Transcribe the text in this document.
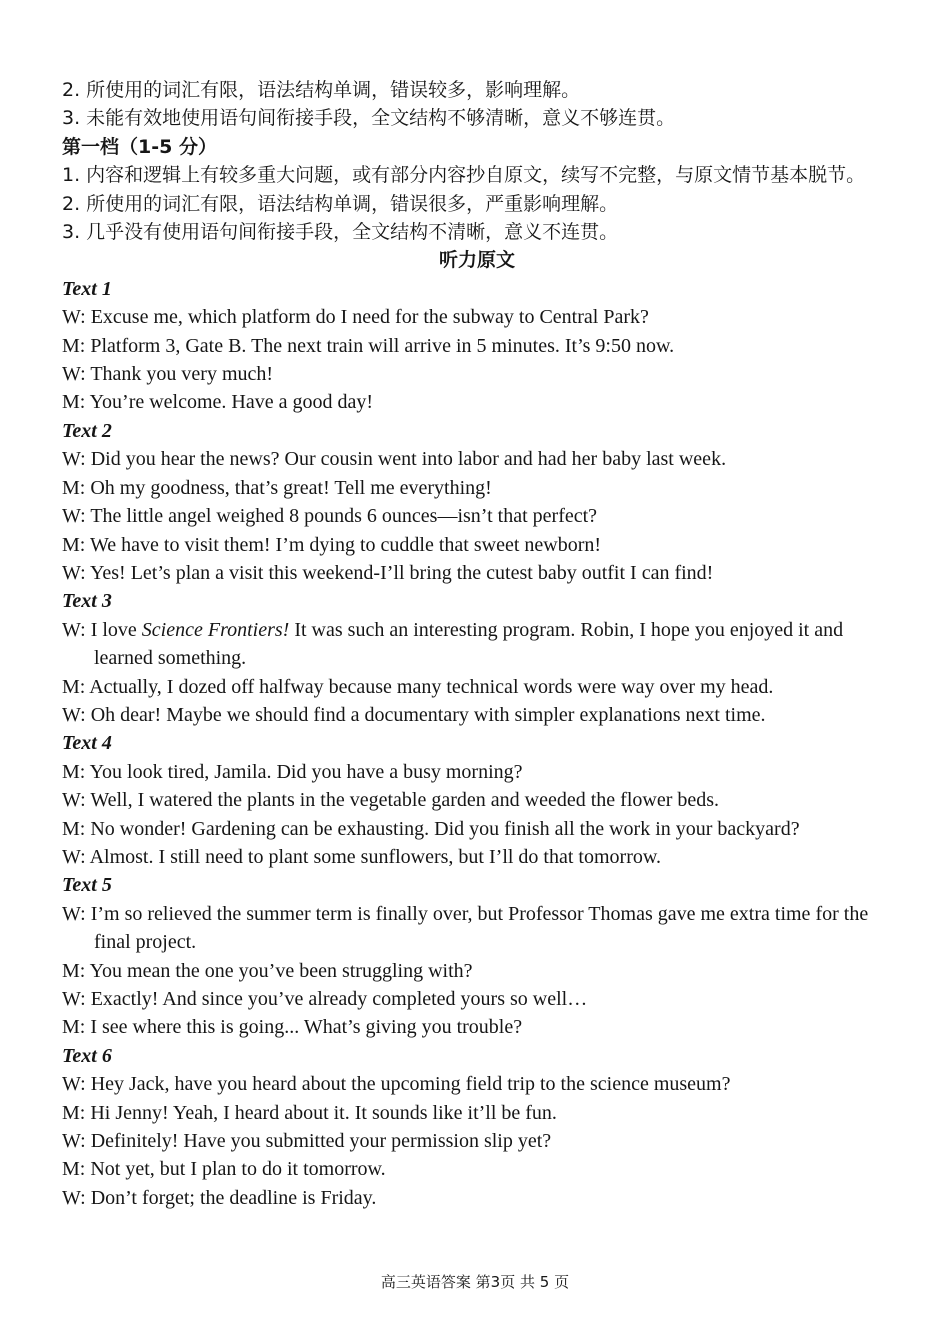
2. 所使用的词汇有限，语法结构单调，错误较多，影响理解。
3. 未能有效地使用语句间衔接手段，全文结构不够清晰，意义不够连贯。
第一档（1-5 分）
1. 内容和逻辑上有较多重大问题，或有部分内容抄自原文，续写不完整，与原文情节基本脱节。
2. 所使用的词汇有限，语法结构单调，错误很多，严重影响理解。
3. 几乎没有使用语句间衔接手段，全文结构不清晰，意义不连贯。
听力原文
Text 1
W: Excuse me, which platform do I need for the subway to Central Park?
M: Platform 3, Gate B. The next train will arrive in 5 minutes. It’s 9:50 now.
W: Thank you very much!
M: You’re welcome. Have a good day!
Text 2
W: Did you hear the news? Our cousin went into labor and had her baby last week.
M: Oh my goodness, that’s great! Tell me everything!
W: The little angel weighed 8 pounds 6 ounces—isn’t that perfect?
M: We have to visit them! I’m dying to cuddle that sweet newborn!
W: Yes! Let’s plan a visit this weekend-I’ll bring the cutest baby outfit I can find!
Text 3
W: I love Science Frontiers! It was such an interesting program. Robin, I hope you enjoyed it and learned something.
M: Actually, I dozed off halfway because many technical words were way over my head.
W: Oh dear! Maybe we should find a documentary with simpler explanations next time.
Text 4
M: You look tired, Jamila. Did you have a busy morning?
W: Well, I watered the plants in the vegetable garden and weeded the flower beds.
M: No wonder! Gardening can be exhausting. Did you finish all the work in your backyard?
W: Almost. I still need to plant some sunflowers, but I’ll do that tomorrow.
Text 5
W: I’m so relieved the summer term is finally over, but Professor Thomas gave me extra time for the final project.
M: You mean the one you’ve been struggling with?
W: Exactly! And since you’ve already completed yours so well…
M: I see where this is going... What’s giving you trouble?
Text 6
W: Hey Jack, have you heard about the upcoming field trip to the science museum?
M: Hi Jenny! Yeah, I heard about it. It sounds like it’ll be fun.
W: Definitely! Have you submitted your permission slip yet?
M: Not yet, but I plan to do it tomorrow.
W: Don’t forget; the deadline is Friday.
高三英语答案 第3页 共 5 页
